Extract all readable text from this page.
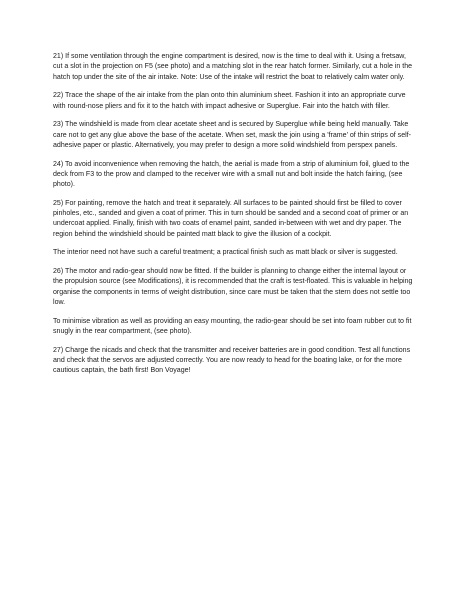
21) If some ventilation through the engine compartment is desired, now is the time to deal with it. Using a fretsaw, cut a slot in the projection on F5 (see photo) and a matching slot in the rear hatch former. Similarly, cut a hole in the hatch top under the site of the air intake. Note: Use of the intake will restrict the boat to relatively calm water only.

22) Trace the shape of the air intake from the plan onto thin aluminium sheet. Fashion it into an appropriate curve with round-nose pliers and fix it to the hatch with impact adhesive or Superglue. Fair into the hatch with filler.

23) The windshield is made from clear acetate sheet and is secured by Superglue while being held manually. Take care not to get any glue above the base of the acetate. When set, mask the join using a 'frame' of thin strips of self-adhesive paper or plastic. Alternatively, you may prefer to design a more solid windshield from perspex panels.

24) To avoid inconvenience when removing the hatch, the aerial is made from a strip of aluminium foil, glued to the deck from F3 to the prow and clamped to the receiver wire with a small nut and bolt inside the hatch fairing, (see photo).

25) For painting, remove the hatch and treat it separately. All surfaces to be painted should first be filled to cover pinholes, etc., sanded and given a coat of primer. This in turn should be sanded and a second coat of primer or an undercoat applied. Finally, finish with two coats of enamel paint, sanded in-between with wet and dry paper. The region behind the windshield should be painted matt black to give the illusion of a cockpit.

The interior need not have such a careful treatment; a practical finish such as matt black or silver is suggested.

26) The motor and radio-gear should now be fitted. If the builder is planning to change either the internal layout or the propulsion source (see Modifications), it is recommended that the craft is test-floated. This is valuable in helping organise the components in terms of weight distribution, since care must be taken that the stern does not settle too low.

To minimise vibration as well as providing an easy mounting, the radio-gear should be set into foam rubber cut to fit snugly in the rear compartment, (see photo).

27) Charge the nicads and check that the transmitter and receiver batteries are in good condition. Test all functions and check that the servos are adjusted correctly. You are now ready to head for the boating lake, or for the more cautious captain, the bath first! Bon Voyage!
